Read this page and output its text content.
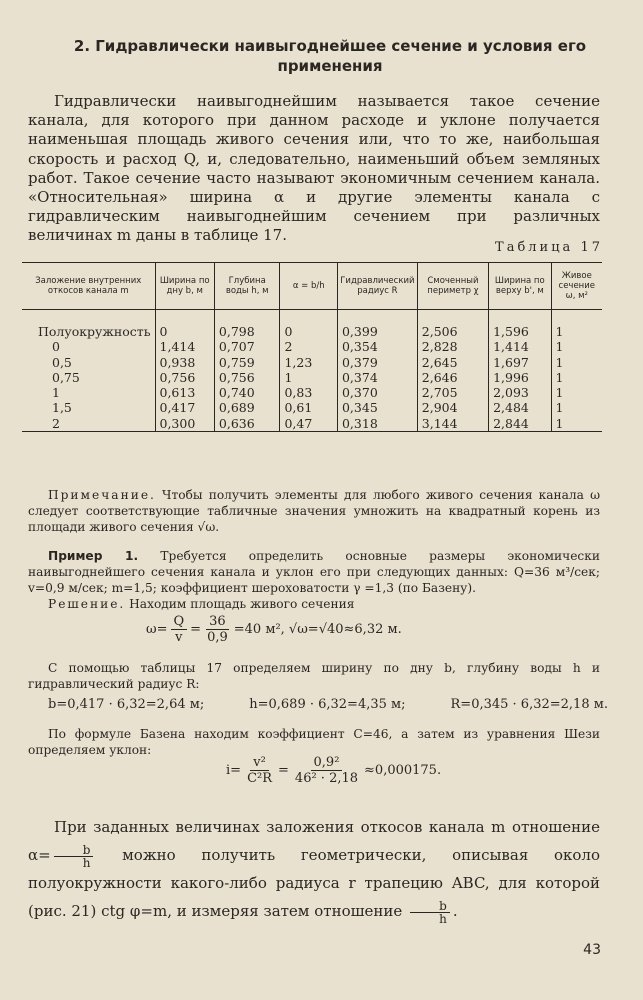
2. Гидравлически наивыгоднейшее сечение и условия его применения

Гидравлически наивыгоднейшим называется такое сечение канала, для которого при данном расходе и уклоне получается наименьшая площадь живого сечения или, что то же, наибольшая скорость и расход Q, и, следовательно, наименьший объем земляных работ. Такое сечение часто называют экономичным сечением канала. «Относительная» ширина α и другие элементы канала с гидравлическим наивыгоднейшим сечением при различных величинах m даны в таблице 17.

Таблица 17
Заложение внутренних откосов канала m	Ширина по дну b, м	Глубина воды h, м	α = b/h	Гидравлический радиус R	Смоченный периметр χ	Ширина по верху b', м	Живое сечение ω, м²

Полуокружность	0	0,798	0	0,399	2,506	1,596	1
0	1,414	0,707	2	0,354	2,828	1,414	1
0,5	0,938	0,759	1,23	0,379	2,645	1,697	1
0,75	0,756	0,756	1	0,374	2,646	1,996	1
1	0,613	0,740	0,83	0,370	2,705	2,093	1
1,5	0,417	0,689	0,61	0,345	2,904	2,484	1
2	0,300	0,636	0,47	0,318	3,144	2,844	1

Примечание. Чтобы получить элементы для любого живого сечения канала ω следует соответствующие табличные значения умножить на квадратный корень из площади живого сечения √ω.

Пример 1. Требуется определить основные размеры экономически наивыгоднейшего сечения канала и уклон его при следующих данных: Q=36 м³/сек; v=0,9 м/сек; m=1,5; коэффициент шероховатости γ =1,3 (по Базену).

Решение. Находим площадь живого сечения

$\omega= \frac{Q}{v} = \frac{36}{0,9} =40$ м², √ω=√40≈6,32 м.

С помощью таблицы 17 определяем ширину по дну b, глубину воды h и гидравлический радиус R:

b=0,417 · 6,32=2,64 м;	h=0,689 · 6,32=4,35 м;	R=0,345 · 6,32=2,18 м.

По формуле Базена находим коэффициент C=46, а затем из уравнения Шези определяем уклон:

$i= \frac{\text{v²}}{\text{C²R}} = \frac{\text{0,9²}}{\text{46² · 2,18}} \approx 0,000175$.

При заданных величинах заложения откосов канала m отношение $\alpha= \frac{b}{h}$ можно получить геометрически, описывая около полуокружности какого-либо радиуса r трапецию ABC, для которой (рис. 21) ctg φ=m, и измеряя затем отношение $\frac{b}{h}$ .

43
